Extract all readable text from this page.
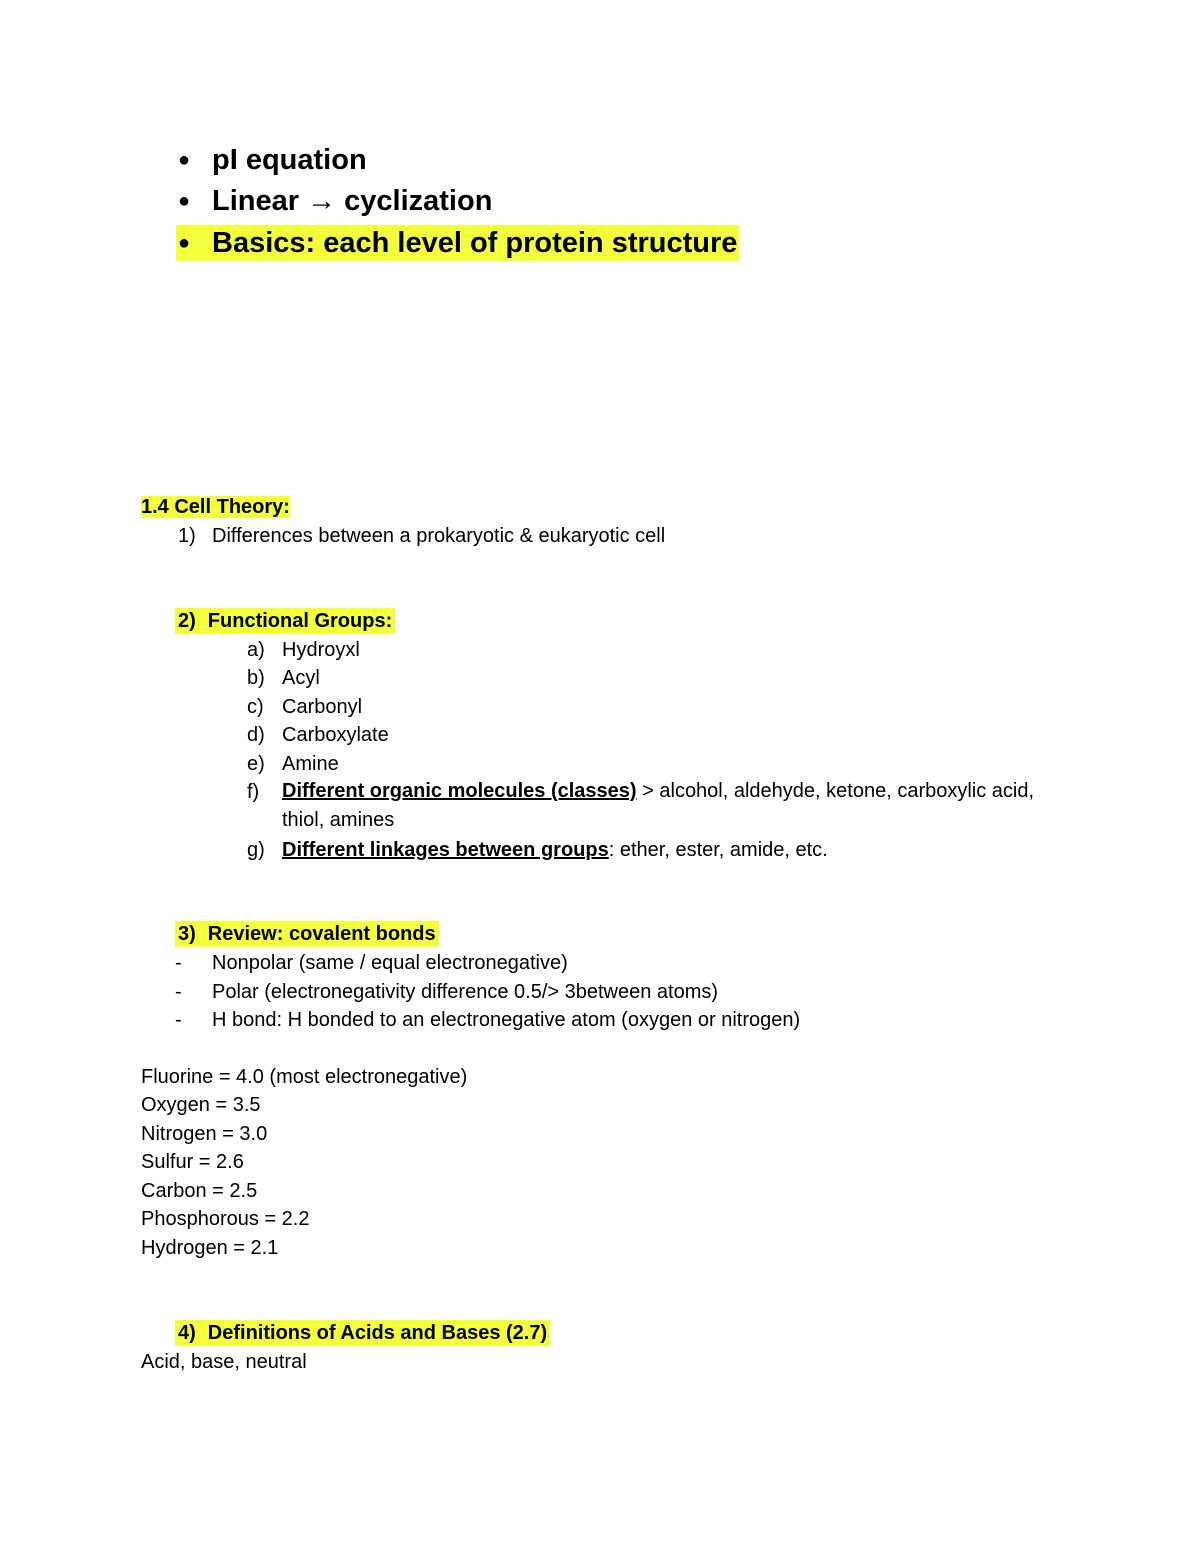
● pI equation
● Linear → cyclization
● Basics: each level of protein structure
1.4 Cell Theory:
1) Differences between a prokaryotic & eukaryotic cell
2) Functional Groups:
a) Hydroyxl
b) Acyl
c) Carbonyl
d) Carboxylate
e) Amine
f) Different organic molecules (classes) > alcohol, aldehyde, ketone, carboxylic acid, thiol, amines
g) Different linkages between groups: ether, ester, amide, etc.
3) Review: covalent bonds
- Nonpolar (same / equal electronegative)
- Polar (electronegativity difference 0.5/> 3between atoms)
- H bond: H bonded to an electronegative atom (oxygen or nitrogen)
Fluorine = 4.0 (most electronegative)
Oxygen = 3.5
Nitrogen = 3.0
Sulfur = 2.6
Carbon = 2.5
Phosphorous = 2.2
Hydrogen = 2.1
4) Definitions of Acids and Bases (2.7)
Acid, base, neutral
